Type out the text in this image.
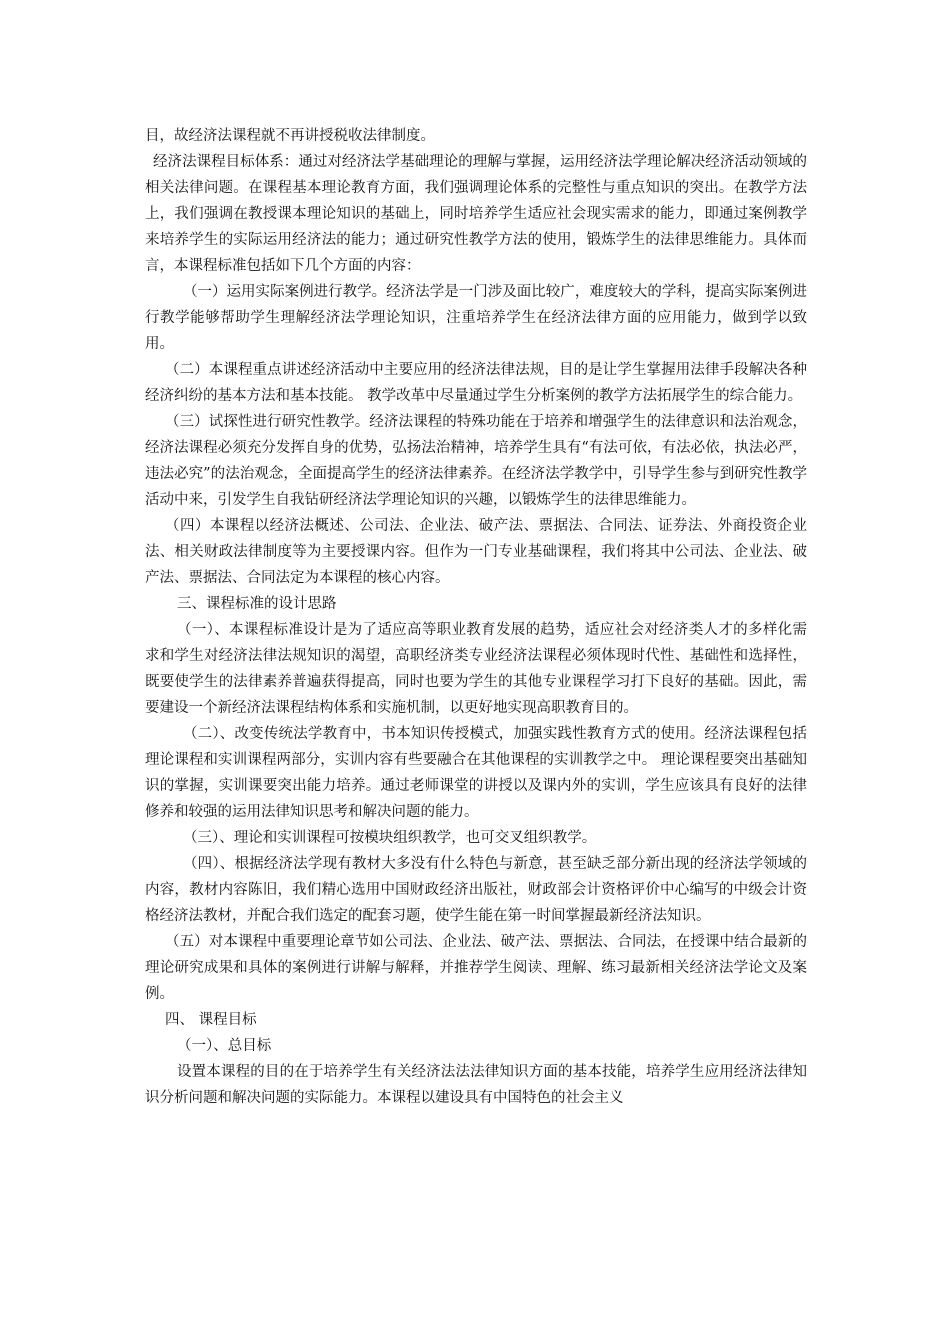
目，故经济法课程就不再讲授税收法律制度。

经济法课程目标体系：通过对经济法学基础理论的理解与掌握，运用经济法学理论解决经济活动领域的相关法律问题。在课程基本理论教育方面，我们强调理论体系的完整性与重点知识的突出。在教学方法上，我们强调在教授课本理论知识的基础上，同时培养学生适应社会现实需求的能力，即通过案例教学来培养学生的实际运用经济法的能力；通过研究性教学方法的使用，锻炼学生的法律思维能力。具体而言，本课程标准包括如下几个方面的内容：

（一）运用实际案例进行教学。经济法学是一门涉及面比较广，难度较大的学科，提高实际案例进行教学能够帮助学生理解经济法学理论知识，注重培养学生在经济法律方面的应用能力，做到学以致用。

（二）本课程重点讲述经济活动中主要应用的经济法律法规，目的是让学生掌握用法律手段解决各种经济纠纷的基本方法和基本技能。 教学改革中尽量通过学生分析案例的教学方法拓展学生的综合能力。

（三）试探性进行研究性教学。经济法课程的特殊功能在于培养和增强学生的法律意识和法治观念，经济法课程必须充分发挥自身的优势，弘扬法治精神，培养学生具有“有法可依，有法必依，执法必严，违法必究”的法治观念，全面提高学生的经济法律素养。在经济法学教学中，引导学生参与到研究性教学活动中来，引发学生自我钻研经济法学理论知识的兴趣，以锻炼学生的法律思维能力。

（四）本课程以经济法概述、公司法、企业法、破产法、票据法、合同法、证券法、外商投资企业法、相关财政法律制度等为主要授课内容。但作为一门专业基础课程，我们将其中公司法、企业法、破产法、票据法、合同法定为本课程的核心内容。

三、课程标准的设计思路

（一）、本课程标准设计是为了适应高等职业教育发展的趋势，适应社会对经济类人才的多样化需求和学生对经济法律法规知识的渴望，高职经济类专业经济法课程必须体现时代性、基础性和选择性，既要使学生的法律素养普遍获得提高，同时也要为学生的其他专业课程学习打下良好的基础。因此，需要建设一个新经济法课程结构体系和实施机制，以更好地实现高职教育目的。

（二）、改变传统法学教育中，书本知识传授模式，加强实践性教育方式的使用。经济法课程包括理论课程和实训课程两部分，实训内容有些要融合在其他课程的实训教学之中。 理论课程要突出基础知识的掌握，实训课要突出能力培养。通过老师课堂的讲授以及课内外的实训，学生应该具有良好的法律修养和较强的运用法律知识思考和解决问题的能力。

（三）、理论和实训课程可按模块组织教学，也可交叉组织教学。

（四）、根据经济法学现有教材大多没有什么特色与新意，甚至缺乏部分新出现的经济法学领域的内容，教材内容陈旧，我们精心选用中国财政经济出版社，财政部会计资格评价中心编写的中级会计资格经济法教材，并配合我们选定的配套习题，使学生能在第一时间掌握最新经济法知识。

（五）对本课程中重要理论章节如公司法、企业法、破产法、票据法、合同法，在授课中结合最新的理论研究成果和具体的案例进行讲解与解释，并推荐学生阅读、理解、练习最新相关经济法学论文及案例。

四、 课程目标

（一）、总目标

设置本课程的目的在于培养学生有关经济法法法律知识方面的基本技能，培养学生应用经济法律知识分析问题和解决问题的实际能力。本课程以建设具有中国特色的社会主义
